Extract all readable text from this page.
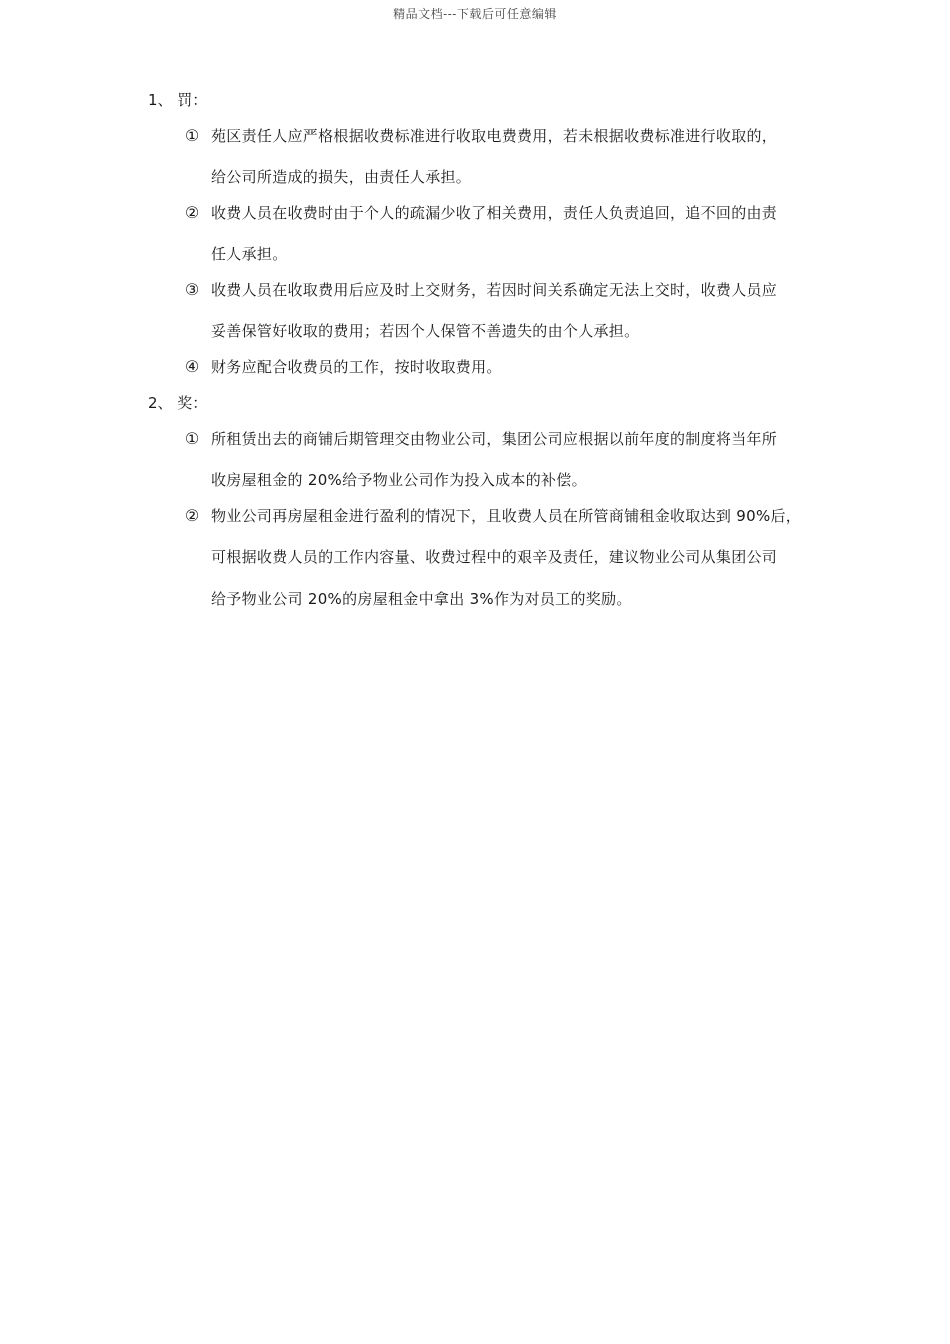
精品文档---下载后可任意编辑
1、 罚：
① 苑区责任人应严格根据收费标准进行收取电费费用，若未根据收费标准进行收取的，
给公司所造成的损失，由责任人承担。
② 收费人员在收费时由于个人的疏漏少收了相关费用，责任人负责追回，追不回的由责
任人承担。
③ 收费人员在收取费用后应及时上交财务，若因时间关系确定无法上交时，收费人员应
妥善保管好收取的费用；若因个人保管不善遗失的由个人承担。
④ 财务应配合收费员的工作，按时收取费用。
2、 奖：
① 所租赁出去的商铺后期管理交由物业公司，集团公司应根据以前年度的制度将当年所
收房屋租金的 20%给予物业公司作为投入成本的补偿。
② 物业公司再房屋租金进行盈利的情况下，且收费人员在所管商铺租金收取达到 90%后，
可根据收费人员的工作内容量、收费过程中的艰辛及责任，建议物业公司从集团公司
给予物业公司 20%的房屋租金中拿出 3%作为对员工的奖励。
